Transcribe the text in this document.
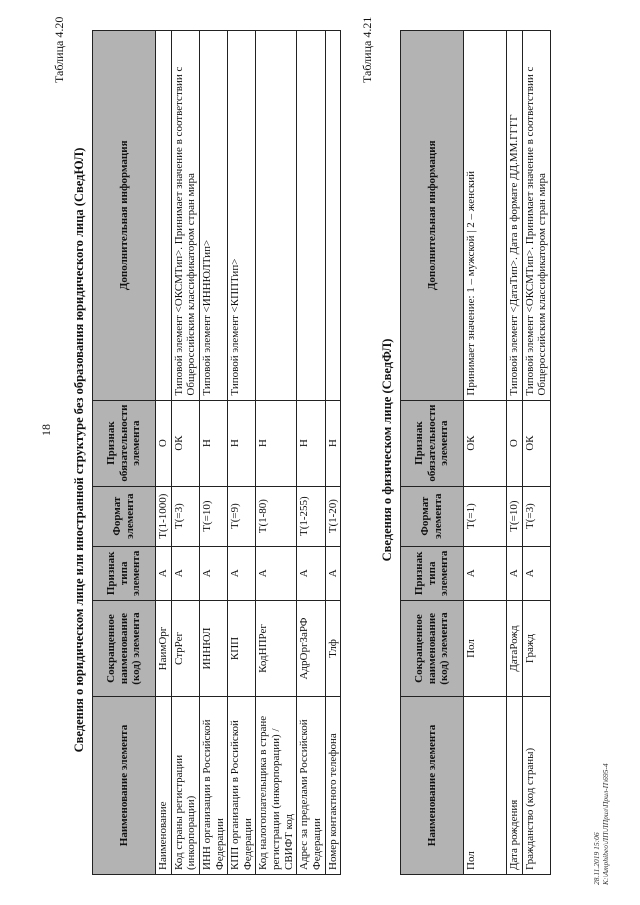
18
Таблица 4.20
Сведения о юридическом лице или иностранной структуре без образования юридического лица (СведЮЛ)
Наименование элемента	Сокращенное наименование (код) элемента	Признак типа элемента	Формат элемента	Признак обязательности элемента	Дополнительная информация
Наименование	НаимОрг	А	T(1-1000)	О	
Код страны регистрации (инкорпорации)	СтрРег	А	T(=3)	ОК	Типовой элемент <ОКСМТип>. Принимает значение в соответствии с Общероссийским классификатором стран мира
ИНН организации в Российской Федерации	ИННЮЛ	А	T(=10)	Н	Типовой элемент <ИННЮЛТип>
КПП организации в Российской Федерации	КПП	А	T(=9)	Н	Типовой элемент <КППТип>
Код налогоплательщика в стране регистрации (инкорпорации) / СВИФТ код	КодНПРег	А	T(1-80)	Н	
Адрес за пределами Российской Федерации	АдрОргЗаРФ	А	T(1-255)	Н	
Номер контактного телефона	Тлф	А	T(1-20)	Н	
Таблица 4.21
Сведения о физическом лице (СведФЛ)
Наименование элемента	Сокращенное наименование (код) элемента	Признак типа элемента	Формат элемента	Признак обязательности элемента	Дополнительная информация
Пол	Пол	А	T(=1)	ОК	Принимает значение: 1 – мужской | 2 – женский
Дата рождения	ДатаРожд	А	T(=10)	О	Типовой элемент <ДатаТип>. Дата в формате ДД.ММ.ГГГГ
Гражданство (код страны)	Гражд	А	T(=3)	ОК	Типовой элемент <ОКСМТип>. Принимает значение в соответствии с Общероссийским классификатором стран мира
28.11.2019 15:06 К:\Amphibeo\ЛП\ЛПрил\Прил-П\695-4
